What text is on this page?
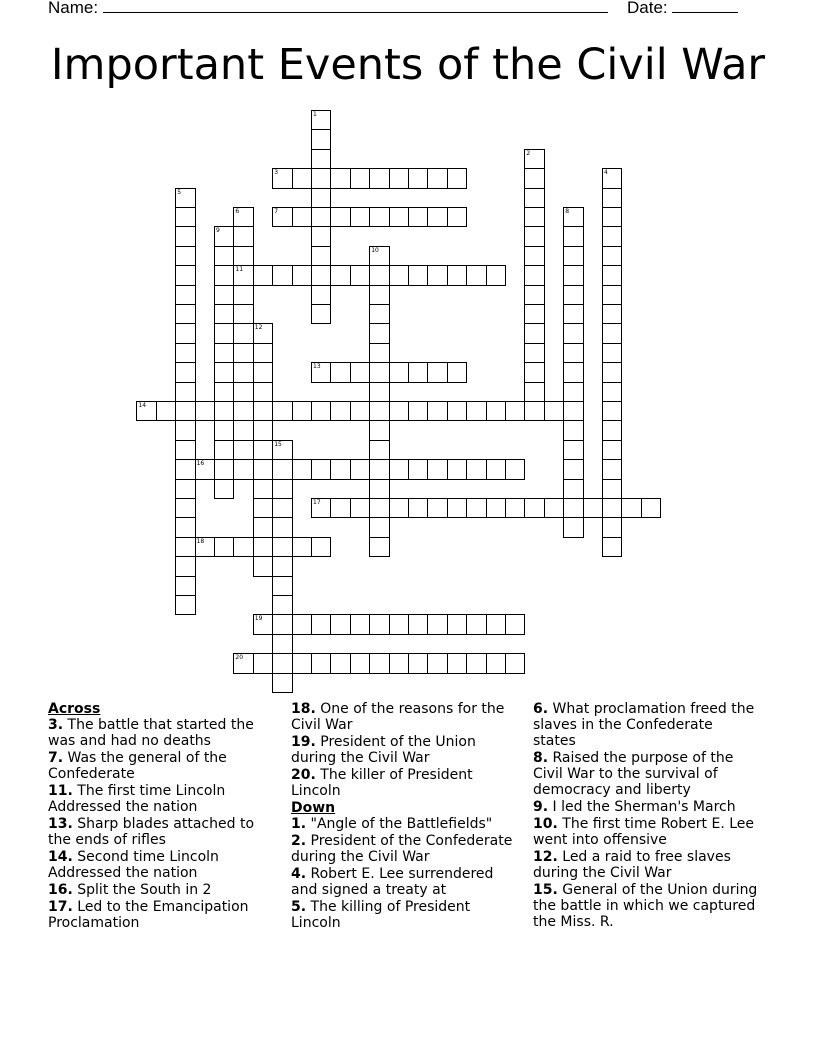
Name:	Date:
Important Events of the Civil War
1
2
3	4
5
6
11
7	8
9
10
12
13
14
15
16
17
18
19
20
Across
3. The battle that started the was and had no deaths
7. Was the general of the Confederate
11. The first time Lincoln Addressed the nation
13. Sharp blades attached to the ends of rifles
14. Second time Lincoln Addressed the nation
16. Split the South in 2
17. Led to the Emancipation Proclamation
18. One of the reasons for the Civil War
19. President of the Union during the Civil War
20. The killer of President Lincoln
Down
1. "Angle of the Battlefields"
2. President of the Confederate during the Civil War
4. Robert E. Lee surrendered and signed a treaty at
5. The killing of President Lincoln
6. What proclamation freed the slaves in the Confederate states
8. Raised the purpose of the Civil War to the survival of democracy and liberty
9. I led the Sherman's March
10. The first time Robert E. Lee went into offensive
12. Led a raid to free slaves during the Civil War
15. General of the Union during the battle in which we captured the Miss. R.
